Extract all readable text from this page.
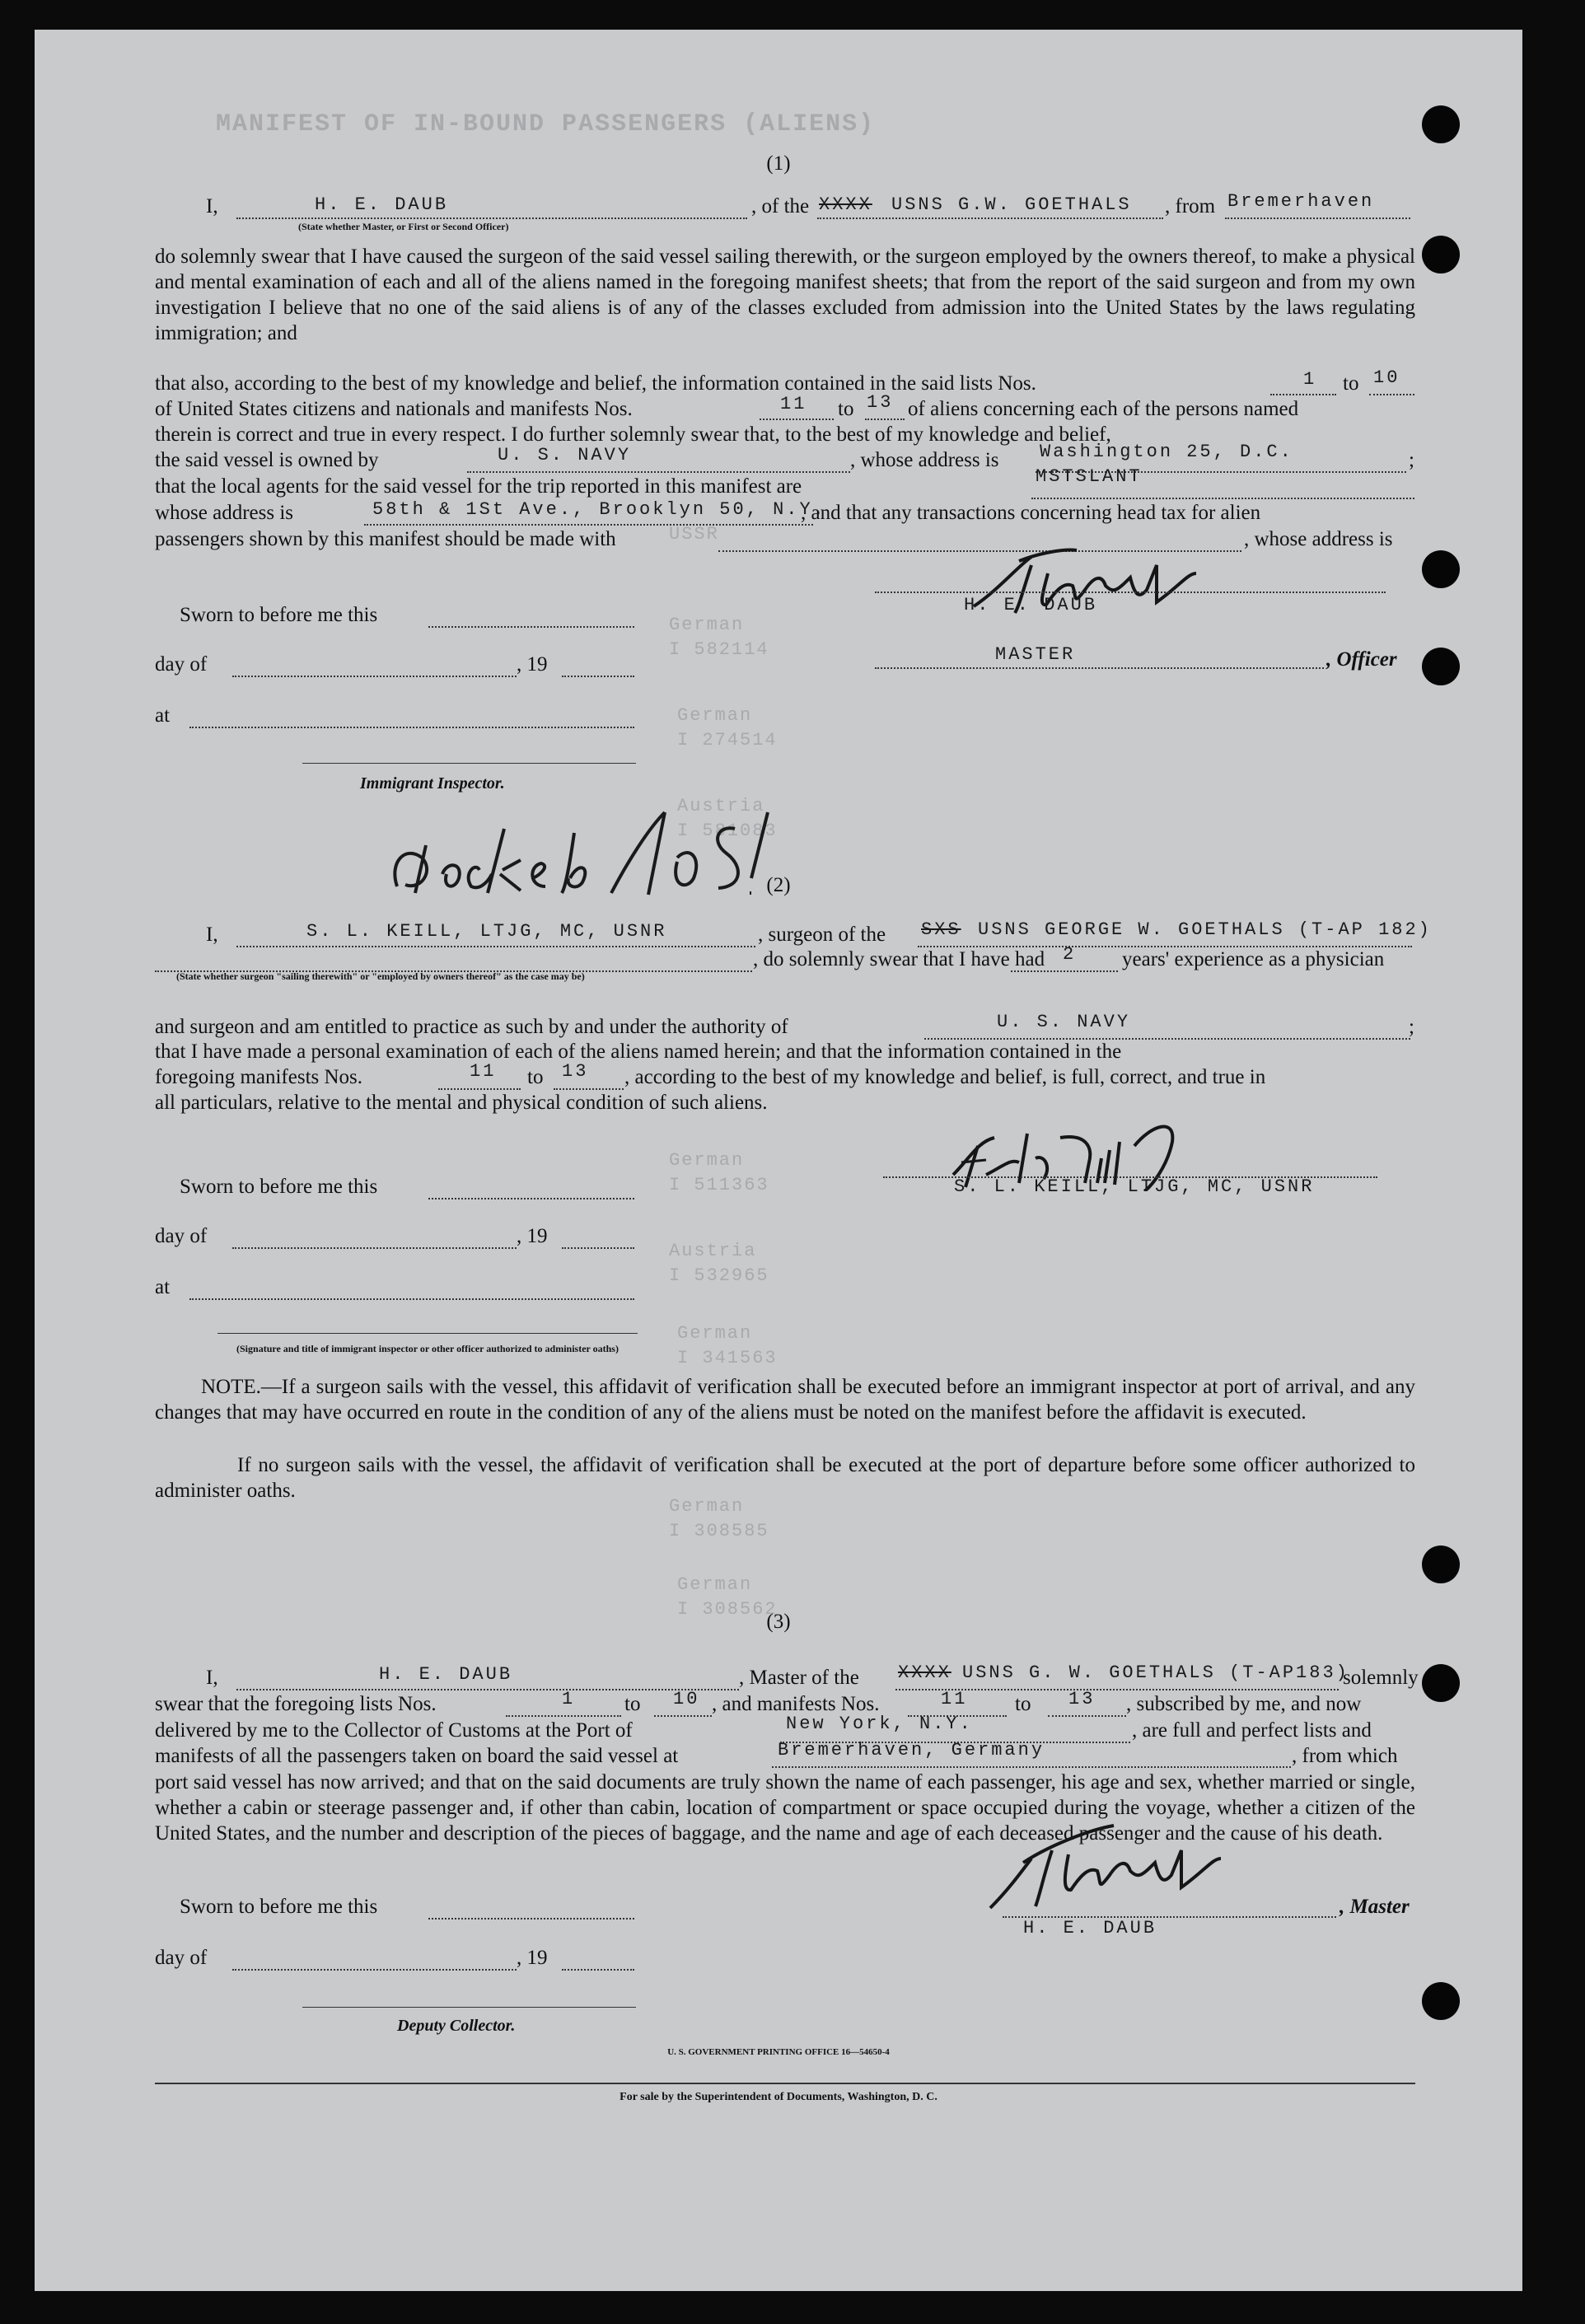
MANIFEST OF IN-BOUND PASSENGERS (ALIENS)
USSR
German
I 582114
German
I 274514
Austria
I 581083
German
I 511363
Austria
I 532965
German
I 341563
German
I 308585
German
I 308562
(1)
I,	H. E. DAUB
(State whether Master, or First or Second Officer)
, of the XXXX USNS G.W. GOETHALS , from Bremerhaven
do solemnly swear that I have caused the surgeon of the said vessel sailing therewith, or the surgeon employed by the owners thereof, to make a physical and mental examination of each and all of the aliens named in the foregoing manifest sheets; that from the report of the said surgeon and from my own investigation I believe that no one of the said aliens is of any of the classes excluded from admission into the United States by the laws regulating immigration; and
that also, according to the best of my knowledge and belief, the information contained in the said lists Nos.	1 to 10
of United States citizens and nationals and manifests Nos.	11 to 13 of aliens concerning each of the persons named
therein is correct and true in every respect. I do further solemnly swear that, to the best of my knowledge and belief,
the said vessel is owned by	U. S. NAVY	, whose address is Washington 25, D.C.	;
that the local agents for the said vessel for the trip reported in this manifest are	MSTSLANT
whose address is	58th & 1St Ave., Brooklyn 50, N.Y.
, and that any transactions concerning head tax for alien
passengers shown by this manifest should be made with	, whose address is
Sworn to before me this
day of	, 19
at
Immigrant Inspector.
H. E. DAUB
MASTER	, Officer
(2)
I,	S. L. KEILL, LTJG, MC, USNR
(State whether surgeon "sailing therewith" or "employed by owners thereof" as the case may be)
, surgeon of the SXS USNS GEORGE W. GOETHALS (T-AP 182)
, do solemnly swear that I have had 2 years' experience as a physician
and surgeon and am entitled to practice as such by and under the authority of	U. S. NAVY	;
that I have made a personal examination of each of the aliens named herein; and that the information contained in the
foregoing manifests Nos.	11 to 13 , according to the best of my knowledge and belief, is full, correct, and true in
all particulars, relative to the mental and physical condition of such aliens.
Sworn to before me this
day of	, 19
at
(Signature and title of immigrant inspector or other officer authorized to administer oaths)
S. L. KEILL, LTJG, MC, USNR
NOTE.—If a surgeon sails with the vessel, this affidavit of verification shall be executed before an immigrant inspector at port of arrival, and any changes that may have occurred en route in the condition of any of the aliens must be noted on the manifest before the affidavit is executed.
If no surgeon sails with the vessel, the affidavit of verification shall be executed at the port of departure before some officer authorized to administer oaths.
(3)
I,	H. E. DAUB	, Master of the XXXX USNS G. W. GOETHALS (T-AP183)
solemnly
swear that the foregoing lists Nos.	1 to 10 , and manifests Nos.	11 to 13 , subscribed by me, and now
delivered by me to the Collector of Customs at the Port of	New York, N.Y.	, are full and perfect lists and
manifests of all the passengers taken on board the said vessel at	Bremerhaven, Germany	, from which
port said vessel has now arrived; and that on the said documents are truly shown the name of each passenger, his age and sex, whether married or single, whether a cabin or steerage passenger and, if other than cabin, location of compartment or space occupied during the voyage, whether a citizen of the United States, and the number and description of the pieces of baggage, and the name and age of each deceased passenger and the cause of his death.
Sworn to before me this
day of	, 19
Deputy Collector.
, Master
H. E. DAUB
U. S. GOVERNMENT PRINTING OFFICE 16—54650-4
For sale by the Superintendent of Documents, Washington, D. C.
